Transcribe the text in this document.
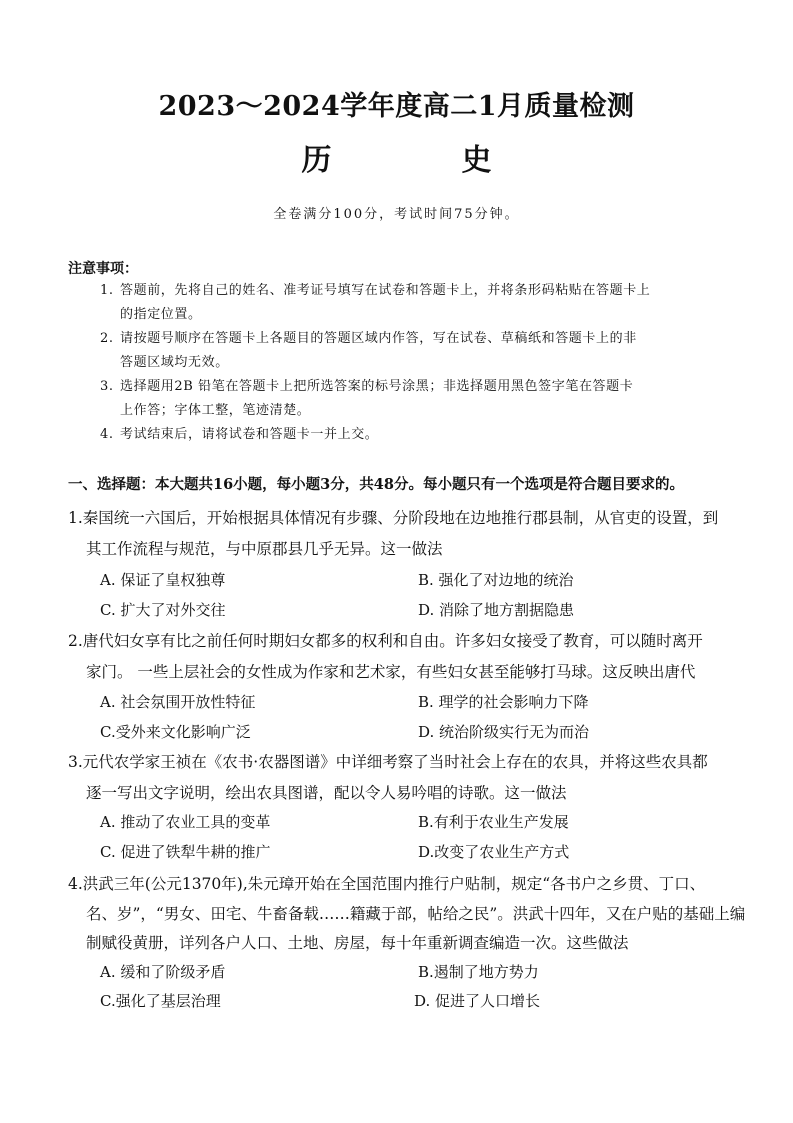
2023～2024学年度高二1月质量检测
历　史
全卷满分100分，考试时间75分钟。
注意事项：
1. 答题前，先将自己的姓名、准考证号填写在试卷和答题卡上，并将条形码粘贴在答题卡上
的指定位置。
2. 请按题号顺序在答题卡上各题目的答题区域内作答，写在试卷、草稿纸和答题卡上的非
答题区域均无效。
3. 选择题用2B 铅笔在答题卡上把所选答案的标号涂黑；非选择题用黑色签字笔在答题卡
上作答；字体工整，笔迹清楚。
4. 考试结束后，请将试卷和答题卡一并上交。
一、选择题：本大题共16小题，每小题3分，共48分。每小题只有一个选项是符合题目要求的。
1.秦国统一六国后，开始根据具体情况有步骤、分阶段地在边地推行郡县制，从官吏的设置，到
其工作流程与规范，与中原郡县几乎无异。这一做法
A. 保证了皇权独尊	B. 强化了对边地的统治
C. 扩大了对外交往	D. 消除了地方割据隐患
2.唐代妇女享有比之前任何时期妇女都多的权利和自由。许多妇女接受了教育，可以随时离开
家门。 一些上层社会的女性成为作家和艺术家，有些妇女甚至能够打马球。这反映出唐代
A. 社会氛围开放性特征	B. 理学的社会影响力下降
C.受外来文化影响广泛	D. 统治阶级实行无为而治
3.元代农学家王祯在《农书·农器图谱》中详细考察了当时社会上存在的农具，并将这些农具都
逐一写出文字说明，绘出农具图谱，配以令人易吟唱的诗歌。这一做法
A. 推动了农业工具的变革	B.有利于农业生产发展
C. 促进了铁犁牛耕的推广	D.改变了农业生产方式
4.洪武三年(公元1370年),朱元璋开始在全国范围内推行户贴制，规定“各书户之乡贯、丁口、
名、岁”，“男女、田宅、牛畜备载……籍藏于部，帖给之民”。洪武十四年，又在户贴的基础上编
制赋役黄册，详列各户人口、土地、房屋，每十年重新调查编造一次。这些做法
A. 缓和了阶级矛盾	B.遏制了地方势力
C.强化了基层治理	D. 促进了人口增长
